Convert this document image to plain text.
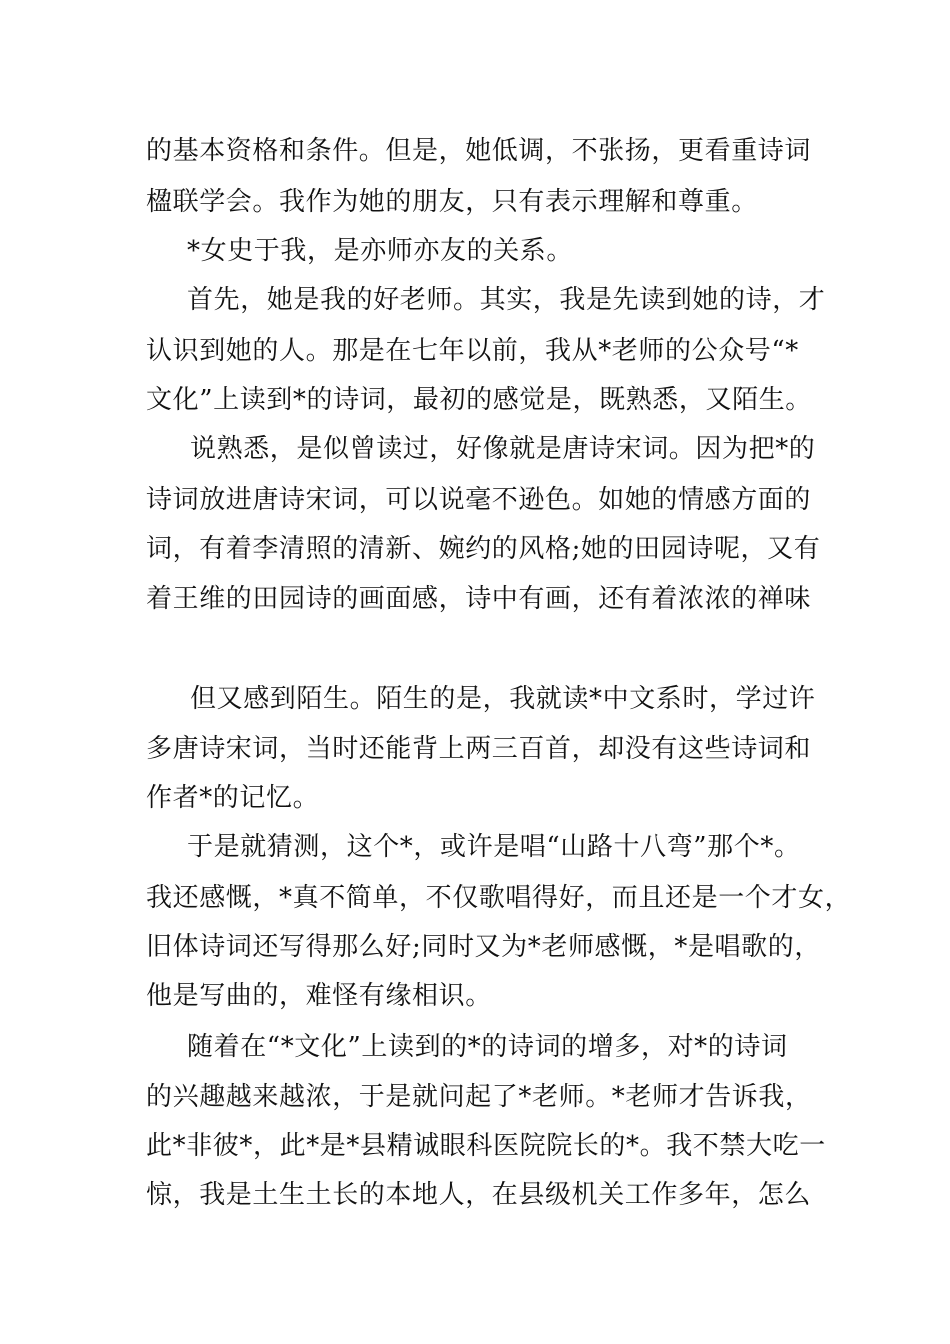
的基本资格和条件。但是，她低调，不张扬，更看重诗词
楹联学会。我作为她的朋友，只有表示理解和尊重。
*女史于我，是亦师亦友的关系。
首先，她是我的好老师。其实，我是先读到她的诗，才
认识到她的人。那是在七年以前，我从*老师的公众号“*
文化”上读到*的诗词，最初的感觉是，既熟悉，又陌生。
说熟悉，是似曾读过，好像就是唐诗宋词。因为把*的
诗词放进唐诗宋词，可以说毫不逊色。如她的情感方面的
词，有着李清照的清新、婉约的风格;她的田园诗呢，又有
着王维的田园诗的画面感，诗中有画，还有着浓浓的禅味
但又感到陌生。陌生的是，我就读*中文系时，学过许
多唐诗宋词，当时还能背上两三百首，却没有这些诗词和
作者*的记忆。
于是就猜测，这个*，或许是唱“山路十八弯”那个*。
我还感慨，*真不简单，不仅歌唱得好，而且还是一个才女，
旧体诗词还写得那么好;同时又为*老师感慨，*是唱歌的，
他是写曲的，难怪有缘相识。
随着在“*文化”上读到的*的诗词的增多，对*的诗词
的兴趣越来越浓，于是就问起了*老师。*老师才告诉我，
此*非彼*，此*是*县精诚眼科医院院长的*。我不禁大吃一
惊，我是土生土长的本地人，在县级机关工作多年，怎么
